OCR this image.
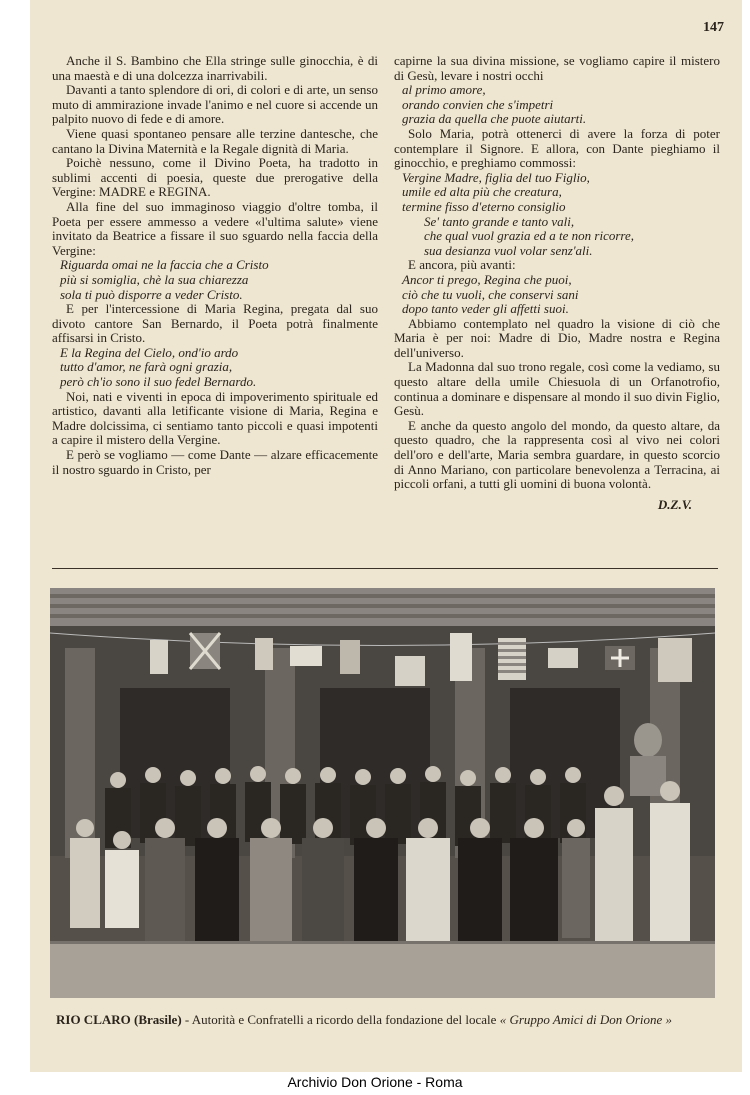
147

Anche il S. Bambino che Ella stringe sulle ginocchia, è di una maestà e di una dolcezza inarrivabili.

Davanti a tanto splendore di ori, di colori e di arte, un senso muto di ammirazione invade l'animo e nel cuore si accende un palpito nuovo di fede e di amore.

Viene quasi spontaneo pensare alle terzine dantesche, che cantano la Divina Maternità e la Regale dignità di Maria.

Poichè nessuno, come il Divino Poeta, ha tradotto in sublimi accenti di poesia, queste due prerogative della Vergine: MADRE e REGINA.

Alla fine del suo immaginoso viaggio d'oltre tomba, il Poeta per essere ammesso a vedere «l'ultima salute» viene invitato da Beatrice a fissare il suo sguardo nella faccia della Vergine:

Riguarda omai ne la faccia che a Cristo
più si somiglia, chè la sua chiarezza
sola ti può disporre a veder Cristo.

E per l'intercessione di Maria Regina, pregata dal suo divoto cantore San Bernardo, il Poeta potrà finalmente affisarsi in Cristo.

E la Regina del Cielo, ond'io ardo
tutto d'amor, ne farà ogni grazia,
però ch'io sono il suo fedel Bernardo.

Noi, nati e viventi in epoca di impoverimento spirituale ed artistico, davanti alla letificante visione di Maria, Regina e Madre dolcissima, ci sentiamo tanto piccoli e quasi impotenti a capire il mistero della Vergine.

E però se vogliamo — come Dante — alzare efficacemente il nostro sguardo in Cristo, per

capirne la sua divina missione, se vogliamo capire il mistero di Gesù, levare i nostri occhi

al primo amore,
orando convien che s'impetri
grazia da quella che puote aiutarti.

Solo Maria, potrà ottenerci di avere la forza di poter contemplare il Signore. E allora, con Dante pieghiamo il ginocchio, e preghiamo commossi:

Vergine Madre, figlia del tuo Figlio,
umile ed alta più che creatura,
termine fisso d'eterno consiglio
Se' tanto grande e tanto vali,
che qual vuol grazia ed a te non ricorre,
sua desianza vuol volar senz'ali.

E ancora, più avanti:

Ancor ti prego, Regina che puoi,
ciò che tu vuoli, che conservi sani
dopo tanto veder gli affetti suoi.

Abbiamo contemplato nel quadro la visione di ciò che Maria è per noi: Madre di Dio, Madre nostra e Regina dell'universo.

La Madonna dal suo trono regale, così come la vediamo, su questo altare della umile Chiesuola di un Orfanotrofio, continua a dominare e dispensare al mondo il suo divin Figlio, Gesù.

E anche da questo angolo del mondo, da questo altare, da questo quadro, che la rappresenta così al vivo nei colori dell'oro e dell'arte, Maria sembra guardare, in questo scorcio di Anno Mariano, con particolare benevolenza a Terracina, ai piccoli orfani, a tutti gli uomini di buona volontà.

D.Z.V.
RIO CLARO (Brasile) - Autorità e Confratelli a ricordo della fondazione del locale « Gruppo Amici di Don Orione »
Archivio Don Orione - Roma
